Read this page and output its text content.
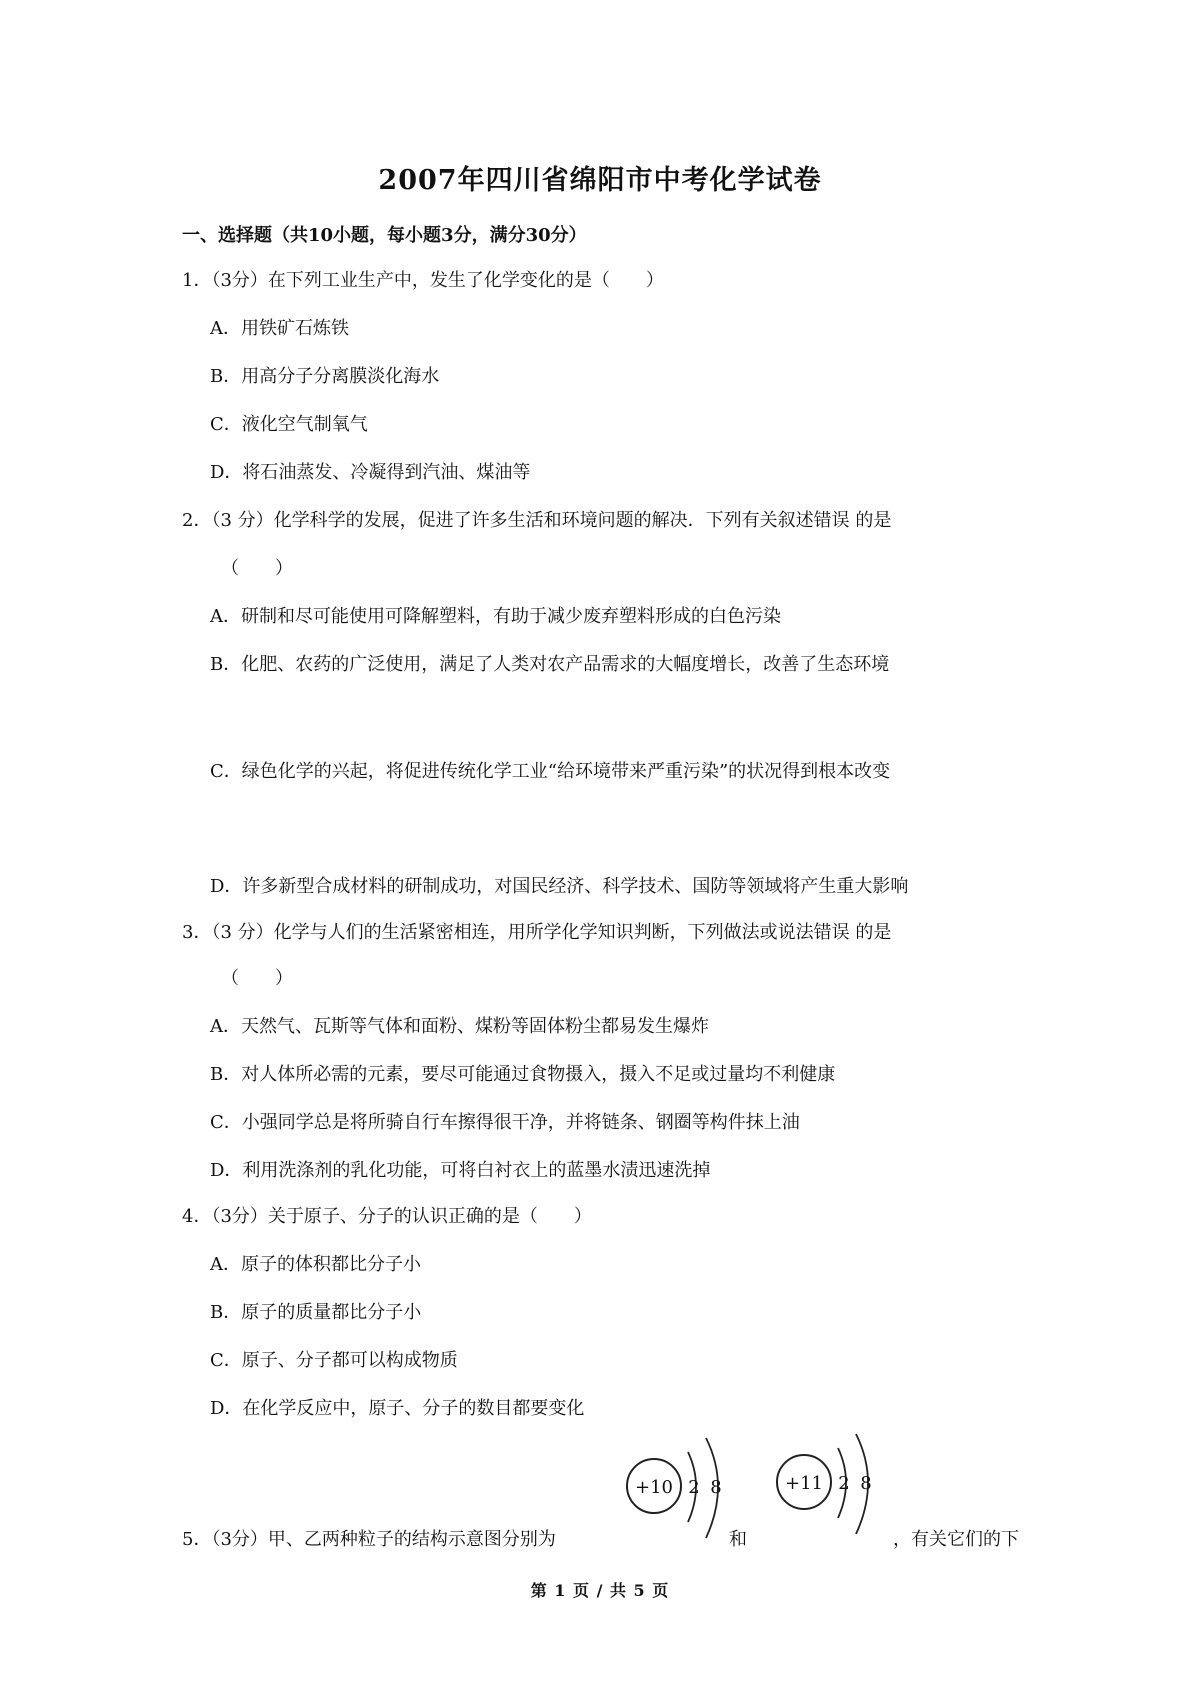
2007年四川省绵阳市中考化学试卷
一、选择题（共10小题，每小题3分，满分30分）
1．（3分）在下列工业生产中，发生了化学变化的是（　　）
A．用铁矿石炼铁
B．用高分子分离膜淡化海水
C．液化空气制氧气
D．将石油蒸发、冷凝得到汽油、煤油等
2．（3 分）化学科学的发展，促进了许多生活和环境问题的解决．下列有关叙述错误 的是
（　　）
A．研制和尽可能使用可降解塑料，有助于减少废弃塑料形成的白色污染
B．化肥、农药的广泛使用，满足了人类对农产品需求的大幅度增长，改善了生态环境
C．绿色化学的兴起，将促进传统化学工业“给环境带来严重污染”的状况得到根本改变
D．许多新型合成材料的研制成功，对国民经济、科学技术、国防等领域将产生重大影响
3．（3 分）化学与人们的生活紧密相连，用所学化学知识判断，下列做法或说法错误 的是
（　　）
A．天然气、瓦斯等气体和面粉、煤粉等固体粉尘都易发生爆炸
B．对人体所必需的元素，要尽可能通过食物摄入，摄入不足或过量均不利健康
C．小强同学总是将所骑自行车擦得很干净，并将链条、钢圈等构件抹上油
D．利用洗涤剂的乳化功能，可将白衬衣上的蓝墨水渍迅速洗掉
4．（3分）关于原子、分子的认识正确的是（　　）
A．原子的体积都比分子小
B．原子的质量都比分子小
C．原子、分子都可以构成物质
D．在化学反应中，原子、分子的数目都要变化
5．（3分）甲、乙两种粒子的结构示意图分别为	和	，有关它们的下
+10 2 8	+11 2 8
第 1 页 / 共 5 页
